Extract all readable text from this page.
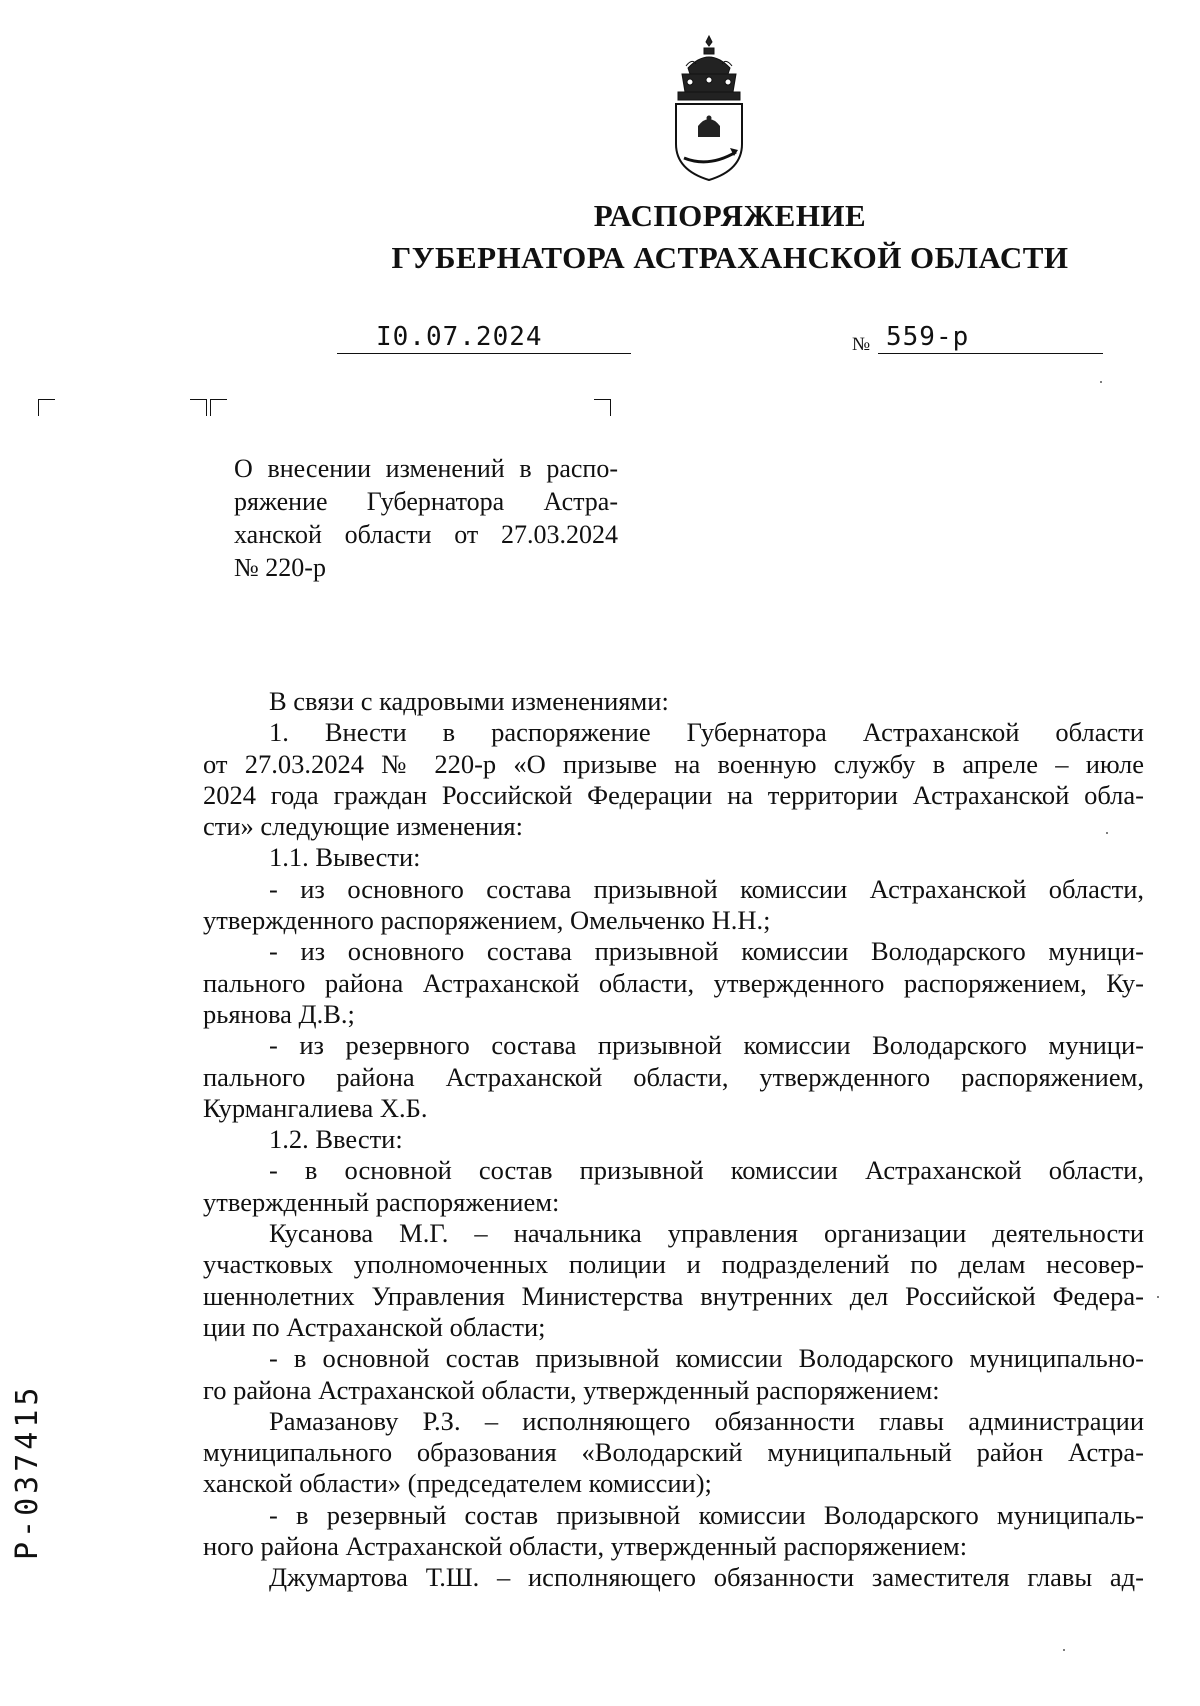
РАСПОРЯЖЕНИЕ
ГУБЕРНАТОРА АСТРАХАНСКОЙ ОБЛАСТИ
I0.07.2024	№ 559-р
О внесении изменений в распо-
ряжение Губернатора Астра-
ханской области от 27.03.2024
№ 220-р
В связи с кадровыми изменениями:
1. Внести в распоряжение Губернатора Астраханской области
от 27.03.2024 № 220-р «О призыве на военную службу в апреле – июле
2024 года граждан Российской Федерации на территории Астраханской обла-
сти» следующие изменения:
1.1. Вывести:
- из основного состава призывной комиссии Астраханской области,
утвержденного распоряжением, Омельченко Н.Н.;
- из основного состава призывной комиссии Володарского муници-
пального района Астраханской области, утвержденного распоряжением, Ку-
рьянова Д.В.;
- из резервного состава призывной комиссии Володарского муници-
пального района Астраханской области, утвержденного распоряжением,
Курмангалиева Х.Б.
1.2. Ввести:
- в основной состав призывной комиссии Астраханской области,
утвержденный распоряжением:
Кусанова М.Г. – начальника управления организации деятельности
участковых уполномоченных полиции и подразделений по делам несовер-
шеннолетних Управления Министерства внутренних дел Российской Федера-
ции по Астраханской области;
- в основной состав призывной комиссии Володарского муниципально-
го района Астраханской области, утвержденный распоряжением:
Рамазанову Р.З. – исполняющего обязанности главы администрации
муниципального образования «Володарский муниципальный район Астра-
ханской области» (председателем комиссии);
- в резервный состав призывной комиссии Володарского муниципаль-
ного района Астраханской области, утвержденный распоряжением:
Джумартова Т.Ш. – исполняющего обязанности заместителя главы ад-
Р-037415
